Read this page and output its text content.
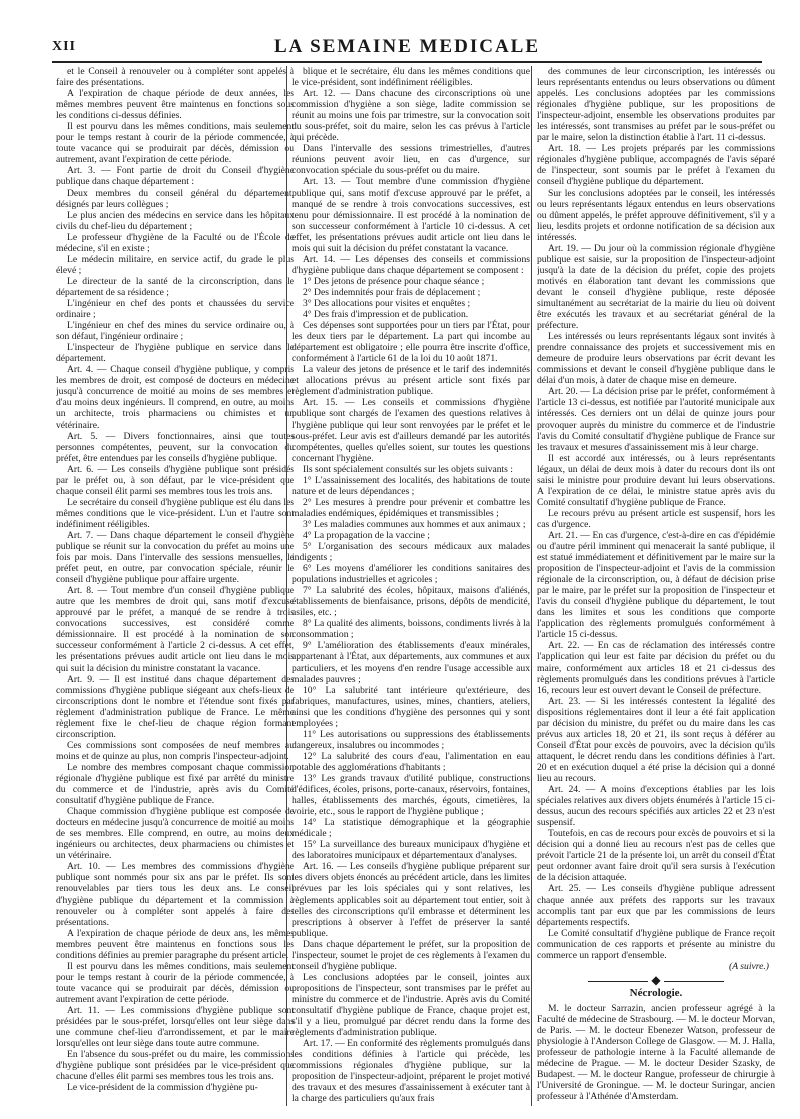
XII	LA SEMAINE MEDICALE

et le Conseil à renouveler ou à compléter sont appelés à faire des présentations.

A l'expiration de chaque période de deux années, les mêmes membres peuvent être maintenus en fonctions sous les conditions ci-dessus définies.

Il est pourvu dans les mêmes conditions, mais seulement pour le temps restant à courir de la période commencée, à toute vacance qui se produirait par décès, démission ou autrement, avant l'expiration de cette période.

Art. 3. — Font partie de droit du Conseil d'hygiène publique dans chaque département :

Deux membres du conseil général du département, désignés par leurs collègues ;

Le plus ancien des médecins en service dans les hôpitaux civils du chef-lieu du département ;

Le professeur d'hygiène de la Faculté ou de l'École de médecine, s'il en existe ;

Le médecin militaire, en service actif, du grade le plus élevé ;

Le directeur de la santé de la circonscription, dans le département de sa résidence ;

L'ingénieur en chef des ponts et chaussées du service ordinaire ;

L'ingénieur en chef des mines du service ordinaire ou, à son défaut, l'ingénieur ordinaire ;

L'inspecteur de l'hygiène publique en service dans le département.

Art. 4. — Chaque conseil d'hygiène publique, y compris les membres de droit, est composé de docteurs en médecine jusqu'à concurrence de moitié au moins de ses membres et d'au moins deux ingénieurs. Il comprend, en outre, au moins un architecte, trois pharmaciens ou chimistes et un vétérinaire.

Art. 5. — Divers fonctionnaires, ainsi que toutes personnes compétentes, peuvent, sur la convocation du préfet, être entendues par les conseils d'hygiène publique.

Art. 6. — Les conseils d'hygiène publique sont présidés par le préfet ou, à son défaut, par le vice-président que chaque conseil élit parmi ses membres tous les trois ans.

Le secrétaire du conseil d'hygiène publique est élu dans les mêmes conditions que le vice-président. L'un et l'autre sont indéfiniment rééligibles.

Art. 7. — Dans chaque département le conseil d'hygiène publique se réunit sur la convocation du préfet au moins une fois par mois. Dans l'intervalle des sessions mensuelles, le préfet peut, en outre, par convocation spéciale, réunir le conseil d'hygiène publique pour affaire urgente.

Art. 8. — Tout membre d'un conseil d'hygiène publique autre que les membres de droit qui, sans motif d'excuse approuvé par le préfet, a manqué de se rendre à trois convocations successives, est considéré comme démissionnaire. Il est procédé à la nomination de son successeur conformément à l'article 2 ci-dessus. A cet effet, les présentations prévues audit article ont lieu dans le mois qui suit la décision du ministre constatant la vacance.

Art. 9. — Il est institué dans chaque département des commissions d'hygiène publique siégeant aux chefs-lieux de circonscriptions dont le nombre et l'étendue sont fixés par règlement d'administration publique de France. Le même règlement fixe le chef-lieu de chaque région formant circonscription.

Ces commissions sont composées de neuf membres au moins et de quinze au plus, non compris l'inspecteur-adjoint.

Le nombre des membres composant chaque commission régionale d'hygiène publique est fixé par arrêté du ministre du commerce et de l'industrie, après avis du Comité consultatif d'hygiène publique de France.

Chaque commission d'hygiène publique est composée de docteurs en médecine jusqu'à concurrence de moitié au moins de ses membres. Elle comprend, en outre, au moins deux ingénieurs ou architectes, deux pharmaciens ou chimistes et un vétérinaire.

Art. 10. — Les membres des commissions d'hygiène publique sont nommés pour six ans par le préfet. Ils sont renouvelables par tiers tous les deux ans. Le conseil d'hygiène publique du département et la commission à renouveler ou à compléter sont appelés à faire des présentations.

A l'expiration de chaque période de deux ans, les mêmes membres peuvent être maintenus en fonctions sous les conditions définies au premier paragraphe du présent article.

Il est pourvu dans les mêmes conditions, mais seulement pour le temps restant à courir de la période commencée, à toute vacance qui se produirait par décès, démission ou autrement avant l'expiration de cette période.

Art. 11. — Les commissions d'hygiène publique sont présidées par le sous-préfet, lorsqu'elles ont leur siège dans une commune chef-lieu d'arrondissement, et par le maire lorsqu'elles ont leur siège dans toute autre commune.

En l'absence du sous-préfet ou du maire, les commissions d'hygiène publique sont présidées par le vice-président que chacune d'elles élit parmi ses membres tous les trois ans.

Le vice-président de la commission d'hygiène pu-

blique et le secrétaire, élu dans les mêmes conditions que le vice-président, sont indéfiniment rééligibles.

Art. 12. — Dans chacune des circonscriptions où une commission d'hygiène a son siège, ladite commission se réunit au moins une fois par trimestre, sur la convocation soit du sous-préfet, soit du maire, selon les cas prévus à l'article qui précède.

Dans l'intervalle des sessions trimestrielles, d'autres réunions peuvent avoir lieu, en cas d'urgence, sur convocation spéciale du sous-préfet ou du maire.

Art. 13. — Tout membre d'une commission d'hygiène publique qui, sans motif d'excuse approuvé par le préfet, a manqué de se rendre à trois convocations successives, est tenu pour démissionnaire. Il est procédé à la nomination de son successeur conformément à l'article 10 ci-dessus. A cet effet, les présentations prévues audit article ont lieu dans le mois qui suit la décision du préfet constatant la vacance.

Art. 14. — Les dépenses des conseils et commissions d'hygiène publique dans chaque département se composent :

1° Des jetons de présence pour chaque séance ;

2° Des indemnités pour frais de déplacement ;

3° Des allocations pour visites et enquêtes ;

4° Des frais d'impression et de publication.

Ces dépenses sont supportées pour un tiers par l'État, pour les deux tiers par le département. La part qui incombe au département est obligatoire ; elle pourra être inscrite d'office, conformément à l'article 61 de la loi du 10 août 1871.

La valeur des jetons de présence et le tarif des indemnités et allocations prévus au présent article sont fixés par règlement d'administration publique.

Art. 15. — Les conseils et commissions d'hygiène publique sont chargés de l'examen des questions relatives à l'hygiène publique qui leur sont renvoyées par le préfet et le sous-préfet. Leur avis est d'ailleurs demandé par les autorités compétentes, quelles qu'elles soient, sur toutes les questions concernant l'hygiène.

Ils sont spécialement consultés sur les objets suivants :

1° L'assainissement des localités, des habitations de toute nature et de leurs dépendances ;

2° Les mesures à prendre pour prévenir et combattre les maladies endémiques, épidémiques et transmissibles ;

3° Les maladies communes aux hommes et aux animaux ;

4° La propagation de la vaccine ;

5° L'organisation des secours médicaux aux malades indigents ;

6° Les moyens d'améliorer les conditions sanitaires des populations industrielles et agricoles ;

7° La salubrité des écoles, hôpitaux, maisons d'aliénés, établissements de bienfaisance, prisons, dépôts de mendicité, asiles, etc. ;

8° La qualité des aliments, boissons, condiments livrés à la consommation ;

9° L'amélioration des établissements d'eaux minérales, appartenant à l'État, aux départements, aux communes et aux particuliers, et les moyens d'en rendre l'usage accessible aux malades pauvres ;

10° La salubrité tant intérieure qu'extérieure, des fabriques, manufactures, usines, mines, chantiers, ateliers, ainsi que les conditions d'hygiène des personnes qui y sont employées ;

11° Les autorisations ou suppressions des établissements dangereux, insalubres ou incommodes ;

12° La salubrité des cours d'eau, l'alimentation en eau potable des agglomérations d'habitants ;

13° Les grands travaux d'utilité publique, constructions d'édifices, écoles, prisons, porte-canaux, réservoirs, fontaines, halles, établissements des marchés, égouts, cimetières, la voirie, etc., sous le rapport de l'hygiène publique ;

14° La statistique démographique et la géographie médicale ;

15° La surveillance des bureaux municipaux d'hygiène et des laboratoires municipaux et départementaux d'analyses.

Art. 16. — Les conseils d'hygiène publique préparent sur les divers objets énoncés au précédent article, dans les limites prévues par les lois spéciales qui y sont relatives, les règlements applicables soit au département tout entier, soit à telles des circonscriptions qu'il embrasse et déterminent les prescriptions à observer à l'effet de préserver la santé publique.

Dans chaque département le préfet, sur la proposition de l'inspecteur, soumet le projet de ces règlements à l'examen du conseil d'hygiène publique.

Les conclusions adoptées par le conseil, jointes aux propositions de l'inspecteur, sont transmises par le préfet au ministre du commerce et de l'industrie. Après avis du Comité consultatif d'hygiène publique de France, chaque projet est, s'il y a lieu, promulgué par décret rendu dans la forme des règlements d'administration publique.

Art. 17. — En conformité des règlements promulgués dans les conditions définies à l'article qui précède, les commissions régionales d'hygiène publique, sur la proposition de l'inspecteur-adjoint, préparent le projet motivé des travaux et des mesures d'assainissement à exécuter tant à la charge des particuliers qu'aux frais

des communes de leur circonscription, les intéressés ou leurs représentants entendus ou leurs observations ou dûment appelés. Les conclusions adoptées par les commissions régionales d'hygiène publique, sur les propositions de l'inspecteur-adjoint, ensemble les observations produites par les intéressés, sont transmises au préfet par le sous-préfet ou par le maire, selon la distinction établie à l'art. 11 ci-dessus.

Art. 18. — Les projets préparés par les commissions régionales d'hygiène publique, accompagnés de l'avis séparé de l'inspecteur, sont soumis par le préfet à l'examen du conseil d'hygiène publique du département.

Sur les conclusions adoptées par le conseil, les intéressés ou leurs représentants légaux entendus en leurs observations ou dûment appelés, le préfet approuve définitivement, s'il y a lieu, lesdits projets et ordonne notification de sa décision aux intéressés.

Art. 19. — Du jour où la commission régionale d'hygiène publique est saisie, sur la proposition de l'inspecteur-adjoint jusqu'à la date de la décision du préfet, copie des projets motivés en élaboration tant devant les commissions que devant le conseil d'hygiène publique, reste déposée simultanément au secrétariat de la mairie du lieu où doivent être exécutés les travaux et au secrétariat général de la préfecture.

Les intéressés ou leurs représentants légaux sont invités à prendre connaissance des projets et successivement mis en demeure de produire leurs observations par écrit devant les commissions et devant le conseil d'hygiène publique dans le délai d'un mois, à dater de chaque mise en demeure.

Art. 20. — La décision prise par le préfet, conformément à l'article 13 ci-dessus, est notifiée par l'autorité municipale aux intéressés. Ces derniers ont un délai de quinze jours pour provoquer auprès du ministre du commerce et de l'industrie l'avis du Comité consultatif d'hygiène publique de France sur les travaux et mesures d'assainissement mis à leur charge.

Il est accordé aux intéressés, ou à leurs représentants légaux, un délai de deux mois à dater du recours dont ils ont saisi le ministre pour produire devant lui leurs observations. A l'expiration de ce délai, le ministre statue après avis du Comité consultatif d'hygiène publique de France.

Le recours prévu au présent article est suspensif, hors les cas d'urgence.

Art. 21. — En cas d'urgence, c'est-à-dire en cas d'épidémie ou d'autre péril imminent qui menacerait la santé publique, il est statué immédiatement et définitivement par le maire sur la proposition de l'inspecteur-adjoint et l'avis de la commission régionale de la circonscription, ou, à défaut de décision prise par le maire, par le préfet sur la proposition de l'inspecteur et l'avis du conseil d'hygiène publique du département, le tout dans les limites et sous les conditions que comporte l'application des règlements promulgués conformément à l'article 15 ci-dessus.

Art. 22. — En cas de réclamation des intéressés contre l'application qui leur est faite par décision du préfet ou du maire, conformément aux articles 18 et 21 ci-dessus des règlements promulgués dans les conditions prévues à l'article 16, recours leur est ouvert devant le Conseil de préfecture.

Art. 23. — Si les intéressés contestent la légalité des dispositions réglementaires dont il leur a été fait application par décision du ministre, du préfet ou du maire dans les cas prévus aux articles 18, 20 et 21, ils sont reçus à déférer au Conseil d'État pour excès de pouvoirs, avec la décision qu'ils attaquent, le décret rendu dans les conditions définies à l'art. 20 et en exécution duquel a été prise la décision qui a donné lieu au recours.

Art. 24. — A moins d'exceptions établies par les lois spéciales relatives aux divers objets énumérés à l'article 15 ci-dessus, aucun des recours spécifiés aux articles 22 et 23 n'est suspensif.

Toutefois, en cas de recours pour excès de pouvoirs et si la décision qui a donné lieu au recours n'est pas de celles que prévoit l'article 21 de la présente loi, un arrêt du conseil d'État peut ordonner avant faire droit qu'il sera sursis à l'exécution de la décision attaquée.

Art. 25. — Les conseils d'hygiène publique adressent chaque année aux préfets des rapports sur les travaux accomplis tant par eux que par les commissions de leurs départements respectifs.

Le Comité consultatif d'hygiène publique de France reçoit communication de ces rapports et présente au ministre du commerce un rapport d'ensemble.

(A suivre.)

◆
Nécrologie.

M. le docteur Sarrazin, ancien professeur agrégé à la Faculté de médecine de Strasbourg. — M. le docteur Morvan, de Paris. — M. le docteur Ebenezer Watson, professeur de physiologie à l'Anderson College de Glasgow. — M. J. Halla, professeur de pathologie interne à la Faculté allemande de médecine de Prague. — M. le docteur Desider Szasky, de Budapest. — M. le docteur Rangue, professeur de chirurgie à l'Université de Groningue. — M. le docteur Suringar, ancien professeur à l'Athénée d'Amsterdam.
